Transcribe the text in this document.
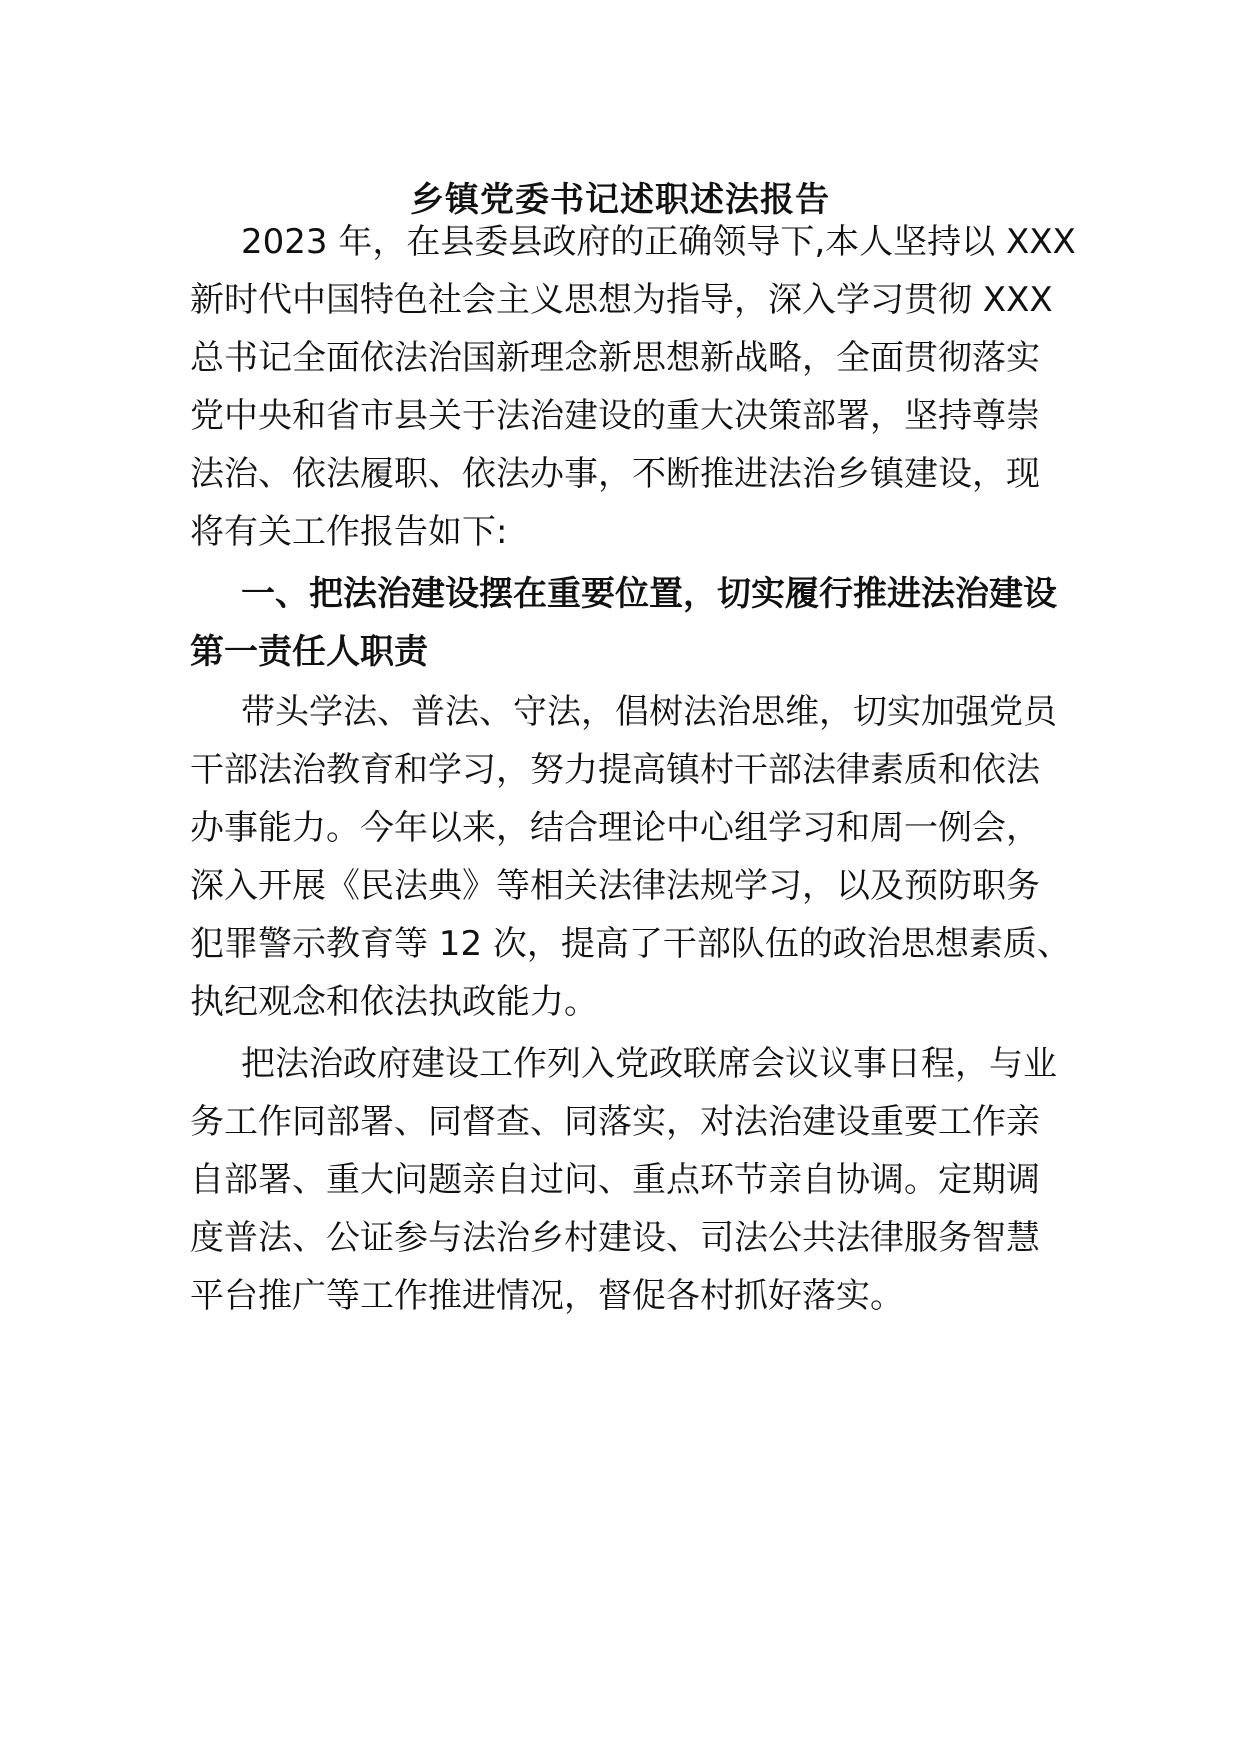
乡镇党委书记述职述法报告
2023 年，在县委县政府的正确领导下,本人坚持以 XXX
新时代中国特色社会主义思想为指导，深入学习贯彻 XXX
总书记全面依法治国新理念新思想新战略，全面贯彻落实
党中央和省市县关于法治建设的重大决策部署，坚持尊崇
法治、依法履职、依法办事，不断推进法治乡镇建设，现
将有关工作报告如下:
一、把法治建设摆在重要位置，切实履行推进法治建设
第一责任人职责
带头学法、普法、守法，倡树法治思维，切实加强党员
干部法治教育和学习，努力提高镇村干部法律素质和依法
办事能力。今年以来，结合理论中心组学习和周一例会，
深入开展《民法典》等相关法律法规学习，以及预防职务
犯罪警示教育等 12 次，提高了干部队伍的政治思想素质、
执纪观念和依法执政能力。
把法治政府建设工作列入党政联席会议议事日程，与业
务工作同部署、同督查、同落实，对法治建设重要工作亲
自部署、重大问题亲自过问、重点环节亲自协调。定期调
度普法、公证参与法治乡村建设、司法公共法律服务智慧
平台推广等工作推进情况，督促各村抓好落实。
